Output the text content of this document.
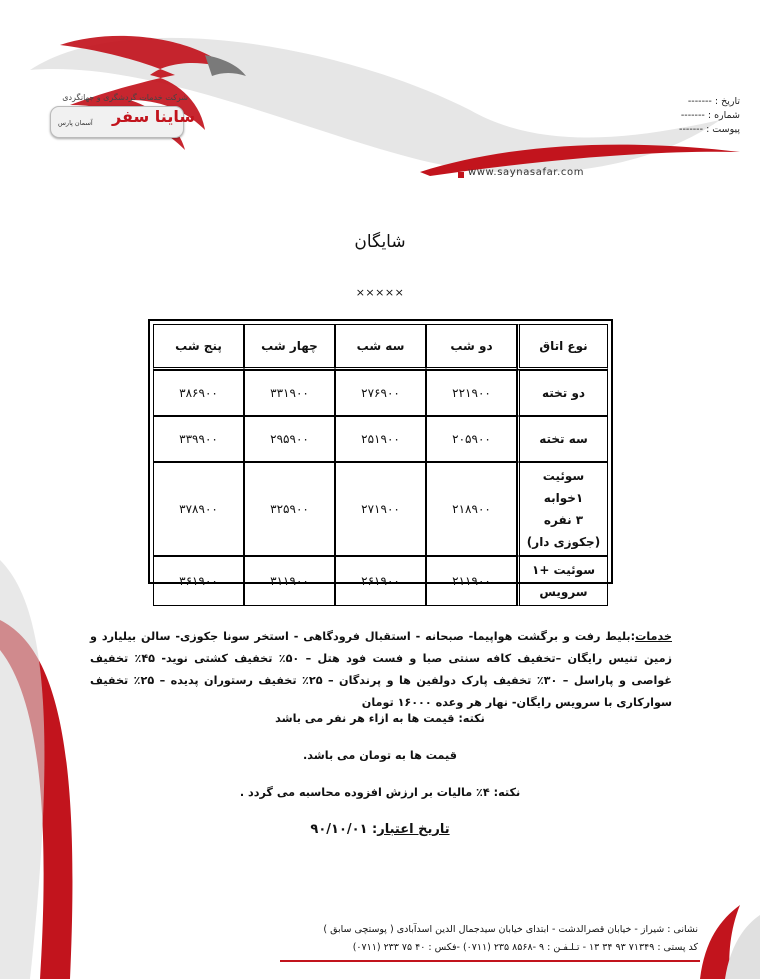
شرکت خدمات گردشگری و جهانگردی
ساینا سفر
آسمان پارس
تاریخ : -------
شماره : -------
پیوست : -------
www.saynasafar.com
شایگان
×××××
نوع اتاق	دو شب	سه شب	چهار شب	پنج شب
دو تخته	۲۲۱۹۰۰	۲۷۶۹۰۰	۳۳۱۹۰۰	۳۸۶۹۰۰
سه تخته	۲۰۵۹۰۰	۲۵۱۹۰۰	۲۹۵۹۰۰	۳۳۹۹۰۰

سوئیت ۱خوابه
۳ نفره
(جکوزی دار)	۲۱۸۹۰۰	۲۷۱۹۰۰	۳۲۵۹۰۰	۳۷۸۹۰۰

سوئیت +۱
سرویس	۲۱۱۹۰۰	۲۶۱۹۰۰	۳۱۱۹۰۰	۳۶۱۹۰۰
خدمات:بلیط رفت و برگشت هواپیما- صبحانه - استقبال فرودگاهی - استخر سونا جکوزی- سالن بیلیارد و زمین تنیس رایگان –تخفیف کافه سنتی صبا و فست فود هتل – ۵۰٪ تخفیف کشتی نوید- ۴۵٪ تخفیف غواصی و پاراسل – ۳۰٪ تخفیف پارک دولفین ها و پرندگان – ۲۵٪ تخفیف رستوران پدیده – ۲۵٪ تخفیف سوارکاری با سرویس رایگان- نهار هر وعده ۱۶۰۰۰ تومان
نکته: قیمت ها به ازاء هر نفر می باشد
قیمت ها به تومان می باشد.
نکته: ۴٪ مالیات بر ارزش افزوده محاسبه می گردد .
تاریخ اعتبار: ۹۰/۱۰/۰۱
نشانی : شیراز - خیابان قصرالدشت - ابتدای خیابان سیدجمال الدین اسدآبادی ( پوستچی سابق )
کد پستی : ۷۱۳۴۹ ۹۳ ۳۴ ۱۳ - تـلـفـن : ۹ -۸۵۶۸ ۲۳۵ (۰۷۱۱) -فکس : ۴۰ ۷۵ ۲۳۳ (۰۷۱۱)
